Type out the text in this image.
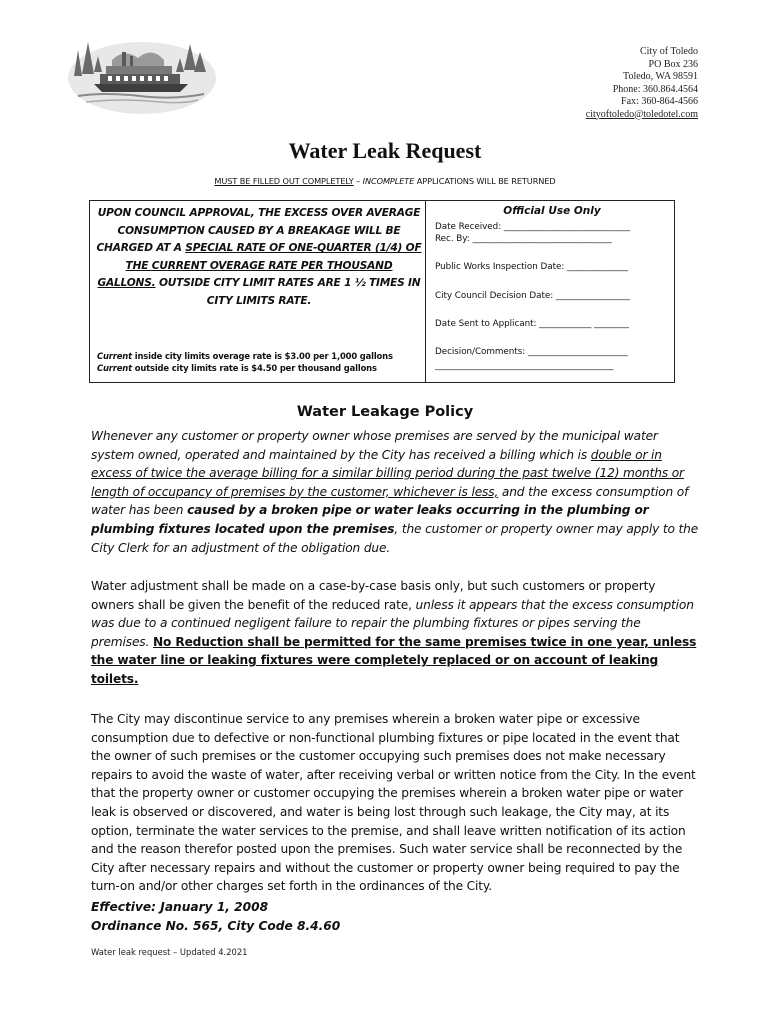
City of Toledo
PO Box 236
Toledo, WA 98591
Phone: 360.864.4564
Fax: 360-864-4566
cityoftoledo@toledotel.com
Water Leak Request
MUST BE FILLED OUT COMPLETELY – INCOMPLETE APPLICATIONS WILL BE RETURNED
UPON COUNCIL APPROVAL, THE EXCESS OVER AVERAGE CONSUMPTION CAUSED BY A BREAKAGE WILL BE CHARGED AT A SPECIAL RATE OF ONE-QUARTER (1/4) OF THE CURRENT OVERAGE RATE PER THOUSAND GALLONS. OUTSIDE CITY LIMIT RATES ARE 1 ½ TIMES IN CITY LIMITS RATE.
Current inside city limits overage rate is $3.00 per 1,000 gallons
Current outside city limits rate is $4.50 per thousand gallons
Official Use Only
Date Received: _____________________________
Rec. By: ________________________________
Public Works Inspection Date: ______________
City Council Decision Date: _________________
Date Sent to Applicant: ____________ ________
Decision/Comments: _______________________
_________________________________________
Water Leakage Policy
Whenever any customer or property owner whose premises are served by the municipal water system owned, operated and maintained by the City has received a billing which is double or in excess of twice the average billing for a similar billing period during the past twelve (12) months or length of occupancy of premises by the customer, whichever is less, and the excess consumption of water has been caused by a broken pipe or water leaks occurring in the plumbing or plumbing fixtures located upon the premises, the customer or property owner may apply to the City Clerk for an adjustment of the obligation due.
Water adjustment shall be made on a case-by-case basis only, but such customers or property owners shall be given the benefit of the reduced rate, unless it appears that the excess consumption was due to a continued negligent failure to repair the plumbing fixtures or pipes serving the premises. No Reduction shall be permitted for the same premises twice in one year, unless the water line or leaking fixtures were completely replaced or on account of leaking toilets.
The City may discontinue service to any premises wherein a broken water pipe or excessive consumption due to defective or non-functional plumbing fixtures or pipe located in the event that the owner of such premises or the customer occupying such premises does not make necessary repairs to avoid the waste of water, after receiving verbal or written notice from the City. In the event that the property owner or customer occupying the premises wherein a broken water pipe or water leak is observed or discovered, and water is being lost through such leakage, the City may, at its option, terminate the water services to the premise, and shall leave written notification of its action and the reason therefor posted upon the premises. Such water service shall be reconnected by the City after necessary repairs and without the customer or property owner being required to pay the turn-on and/or other charges set forth in the ordinances of the City.
Effective: January 1, 2008
Ordinance No. 565, City Code 8.4.60
Water leak request – Updated 4.2021
